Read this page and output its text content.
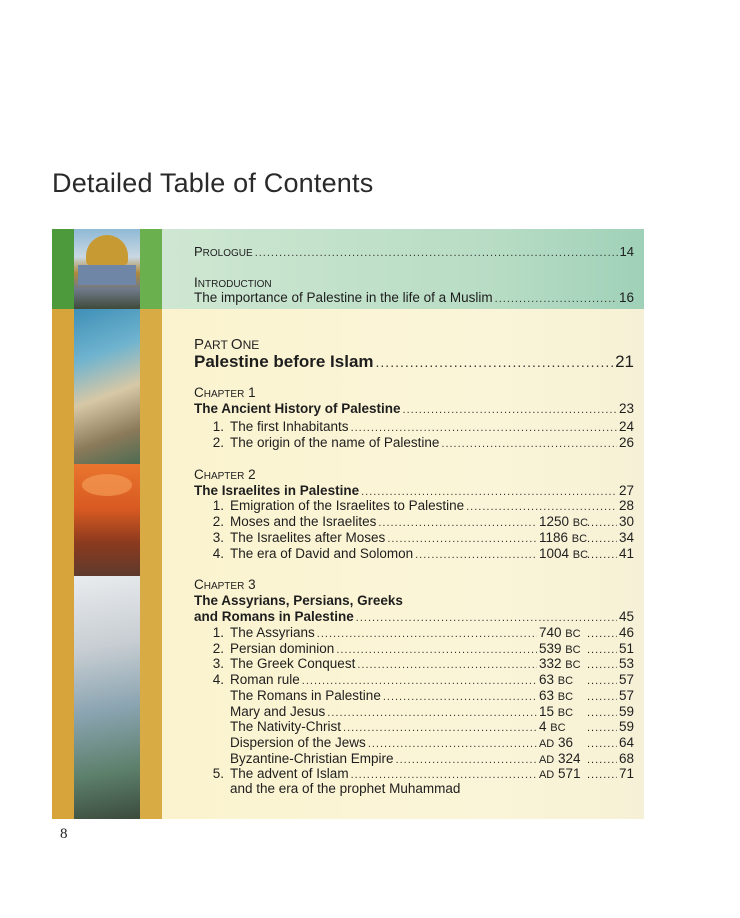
Detailed Table of Contents
PROLOGUE .....	14
INTRODUCTION
The importance of Palestine in the life of a Muslim .....	16
PART ONE
Palestine before Islam .....	21
CHAPTER 1
The Ancient History of Palestine .....	23
1. The first Inhabitants .....	24
2. The origin of the name of Palestine .....	26
CHAPTER 2
The Israelites in Palestine .....	27
1. Emigration of the Israelites to Palestine .....	28
2. Moses and the Israelites .....	1250 BC ..... 30
3. The Israelites after Moses .....	1186 BC ..... 34
4. The era of David and Solomon .....	1004 BC ..... 41
CHAPTER 3
The Assyrians, Persians, Greeks
and Romans in Palestine .....	45
1. The Assyrians .....	740 BC .....	46
2. Persian dominion .....	539 BC .....	51
3. The Greek Conquest .....	332 BC .....	53
4. Roman rule .....	63 BC .....	57
The Romans in Palestine .....	63 BC .....	57
Mary and Jesus .....	15 BC .....	59
The Nativity-Christ .....	4 BC .....	59
Dispersion of the Jews .....	AD 36 .....	64
Byzantine-Christian Empire .....	AD 324 .....	68
5. The advent of Islam .....	AD 571 .....	71
and the era of the prophet Muhammad
8
